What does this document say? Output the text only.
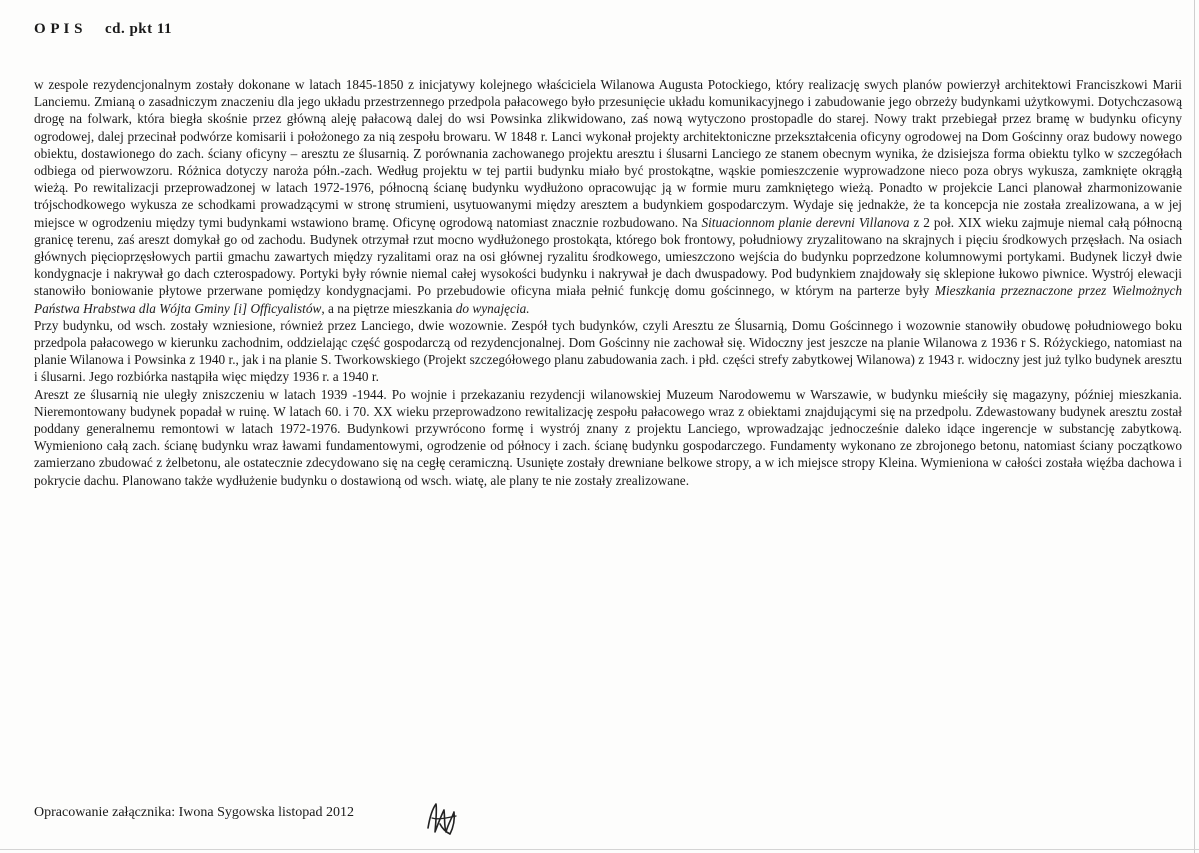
O P I S cd. pkt 11

w zespole rezydencjonalnym zostały dokonane w latach 1845-1850 z inicjatywy kolejnego właściciela Wilanowa Augusta Potockiego, który realizację swych planów powierzył architektowi Franciszkowi Marii Lanciemu. Zmianą o zasadniczym znaczeniu dla jego układu przestrzennego przedpola pałacowego było przesunięcie układu komunikacyjnego i zabudowanie jego obrzeży budynkami użytkowymi. Dotychczasową drogę na folwark, która biegła skośnie przez główną aleję pałacową dalej do wsi Powsinka zlikwidowano, zaś nową wytyczono prostopadle do starej. Nowy trakt przebiegał przez bramę w budynku oficyny ogrodowej, dalej przecinał podwórze komisarii i położonego za nią zespołu browaru. W 1848 r. Lanci wykonał projekty architektoniczne przekształcenia oficyny ogrodowej na Dom Gościnny oraz budowy nowego obiektu, dostawionego do zach. ściany oficyny – aresztu ze ślusarnią. Z porównania zachowanego projektu aresztu i ślusarni Lanciego ze stanem obecnym wynika, że dzisiejsza forma obiektu tylko w szczegółach odbiega od pierwowzoru. Różnica dotyczy naroża półn.-zach. Według projektu w tej partii budynku miało być prostokątne, wąskie pomieszczenie wyprowadzone nieco poza obrys wykusza, zamknięte okrągłą wieżą. Po rewitalizacji przeprowadzonej w latach 1972-1976, północną ścianę budynku wydłużono opracowując ją w formie muru zamkniętego wieżą. Ponadto w projekcie Lanci planował zharmonizowanie trójschodkowego wykusza ze schodkami prowadzącymi w stronę strumieni, usytuowanymi między aresztem a budynkiem gospodarczym. Wydaje się jednakże, że ta koncepcja nie została zrealizowana, a w jej miejsce w ogrodzeniu między tymi budynkami wstawiono bramę. Oficynę ogrodową natomiast znacznie rozbudowano. Na Situacionnom planie derevni Villanova z 2 poł. XIX wieku zajmuje niemal całą północną granicę terenu, zaś areszt domykał go od zachodu. Budynek otrzymał rzut mocno wydłużonego prostokąta, którego bok frontowy, południowy zryzalitowano na skrajnych i pięciu środkowych przęsłach. Na osiach głównych pięcioprzęsłowych partii gmachu zawartych między ryzalitami oraz na osi głównej ryzalitu środkowego, umieszczono wejścia do budynku poprzedzone kolumnowymi portykami. Budynek liczył dwie kondygnacje i nakrywał go dach czterospadowy. Portyki były równie niemal całej wysokości budynku i nakrywał je dach dwuspadowy. Pod budynkiem znajdowały się sklepione łukowo piwnice. Wystrój elewacji stanowiło boniowanie płytowe przerwane pomiędzy kondygnacjami. Po przebudowie oficyna miała pełnić funkcję domu gościnnego, w którym na parterze były Mieszkania przeznaczone przez Wielmożnych Państwa Hrabstwa dla Wójta Gminy [i] Officyalistów, a na piętrze mieszkania do wynajęcia.

Przy budynku, od wsch. zostały wzniesione, również przez Lanciego, dwie wozownie. Zespół tych budynków, czyli Aresztu ze Ślusarnią, Domu Gościnnego i wozownie stanowiły obudowę południowego boku przedpola pałacowego w kierunku zachodnim, oddzielając część gospodarczą od rezydencjonalnej. Dom Gościnny nie zachował się. Widoczny jest jeszcze na planie Wilanowa z 1936 r S. Różyckiego, natomiast na planie Wilanowa i Powsinka z 1940 r., jak i na planie S. Tworkowskiego (Projekt szczegółowego planu zabudowania zach. i płd. części strefy zabytkowej Wilanowa) z 1943 r. widoczny jest już tylko budynek aresztu i ślusarni. Jego rozbiórka nastąpiła więc między 1936 r. a 1940 r.

Areszt ze ślusarnią nie uległy zniszczeniu w latach 1939 -1944. Po wojnie i przekazaniu rezydencji wilanowskiej Muzeum Narodowemu w Warszawie, w budynku mieściły się magazyny, później mieszkania. Nieremontowany budynek popadał w ruinę. W latach 60. i 70. XX wieku przeprowadzono rewitalizację zespołu pałacowego wraz z obiektami znajdującymi się na przedpolu. Zdewastowany budynek aresztu został poddany generalnemu remontowi w latach 1972-1976. Budynkowi przywrócono formę i wystrój znany z projektu Lanciego, wprowadzając jednocześnie daleko idące ingerencje w substancję zabytkową. Wymieniono całą zach. ścianę budynku wraz ławami fundamentowymi, ogrodzenie od północy i zach. ścianę budynku gospodarczego. Fundamenty wykonano ze zbrojonego betonu, natomiast ściany początkowo zamierzano zbudować z żelbetonu, ale ostatecznie zdecydowano się na cegłę ceramiczną. Usunięte zostały drewniane belkowe stropy, a w ich miejsce stropy Kleina. Wymieniona w całości została więźba dachowa i pokrycie dachu. Planowano także wydłużenie budynku o dostawioną od wsch. wiatę, ale plany te nie zostały zrealizowane.

Opracowanie załącznika: Iwona Sygowska listopad 2012
